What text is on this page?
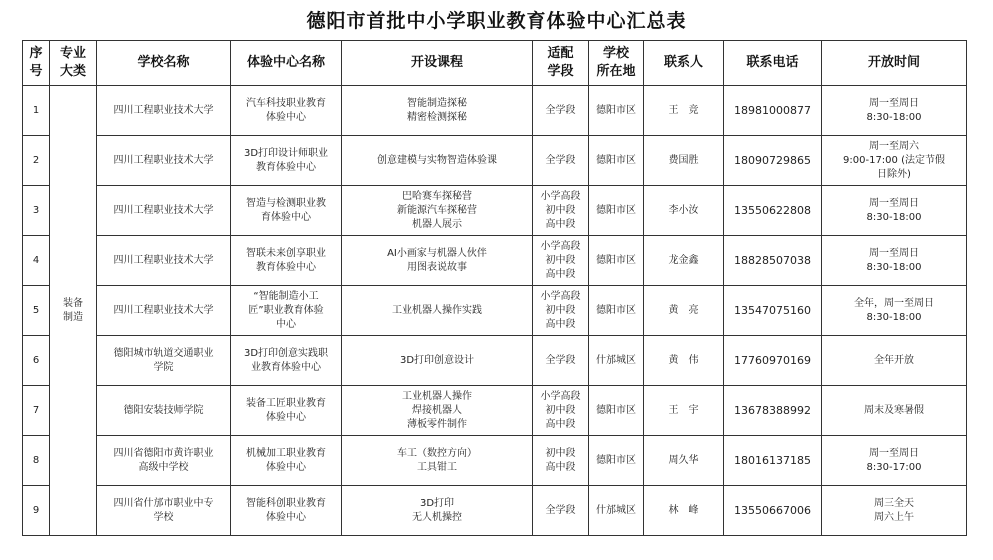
德阳市首批中小学职业教育体验中心汇总表
序
号	专业
大类	学校名称	体验中心名称	开设课程	适配
学段	学校
所在地	联系人	联系电话	开放时间
1	装备
制造	四川工程职业技术大学	汽车科技职业教育
体验中心	智能制造探秘
精密检测探秘	全学段	德阳市区	王　竞	18981000877	周一至周日
8:30-18:00
2		四川工程职业技术大学	3D打印设计师职业
教育体验中心	创意建模与实物智造体验课	全学段	德阳市区	费国胜	18090729865	周一至周六
9:00-17:00 (法定节假
日除外)
3		四川工程职业技术大学	智造与检测职业教
育体验中心	巴哈赛车探秘营
新能源汽车探秘营
机器人展示	小学高段
初中段
高中段	德阳市区	李小汝	13550622808	周一至周日
8:30-18:00
4		四川工程职业技术大学	智联未来创享职业
教育体验中心	AI小画家与机器人伙伴
用图表说故事	小学高段
初中段
高中段	德阳市区	龙金鑫	18828507038	周一至周日
8:30-18:00
5		四川工程职业技术大学	“智能制造小工
匠”职业教育体验
中心	工业机器人操作实践	小学高段
初中段
高中段	德阳市区	黄　亮	13547075160	全年，周一至周日
8:30-18:00
6		德阳城市轨道交通职业
学院	3D打印创意实践职
业教育体验中心	3D打印创意设计	全学段	什邡城区	黄　伟	17760970169	全年开放
7		德阳安装技师学院	装备工匠职业教育
体验中心	工业机器人操作
焊接机器人
薄板零件制作	小学高段
初中段
高中段	德阳市区	王　宇	13678388992	周末及寒暑假
8		四川省德阳市黄许职业
高级中学校	机械加工职业教育
体验中心	车工（数控方向）
工具钳工	初中段
高中段	德阳市区	周久华	18016137185	周一至周日
8:30-17:00
9		四川省什邡市职业中专
学校	智能科创职业教育
体验中心	3D打印
无人机操控	全学段	什邡城区	林　峰	13550667006	周三全天
周六上午
